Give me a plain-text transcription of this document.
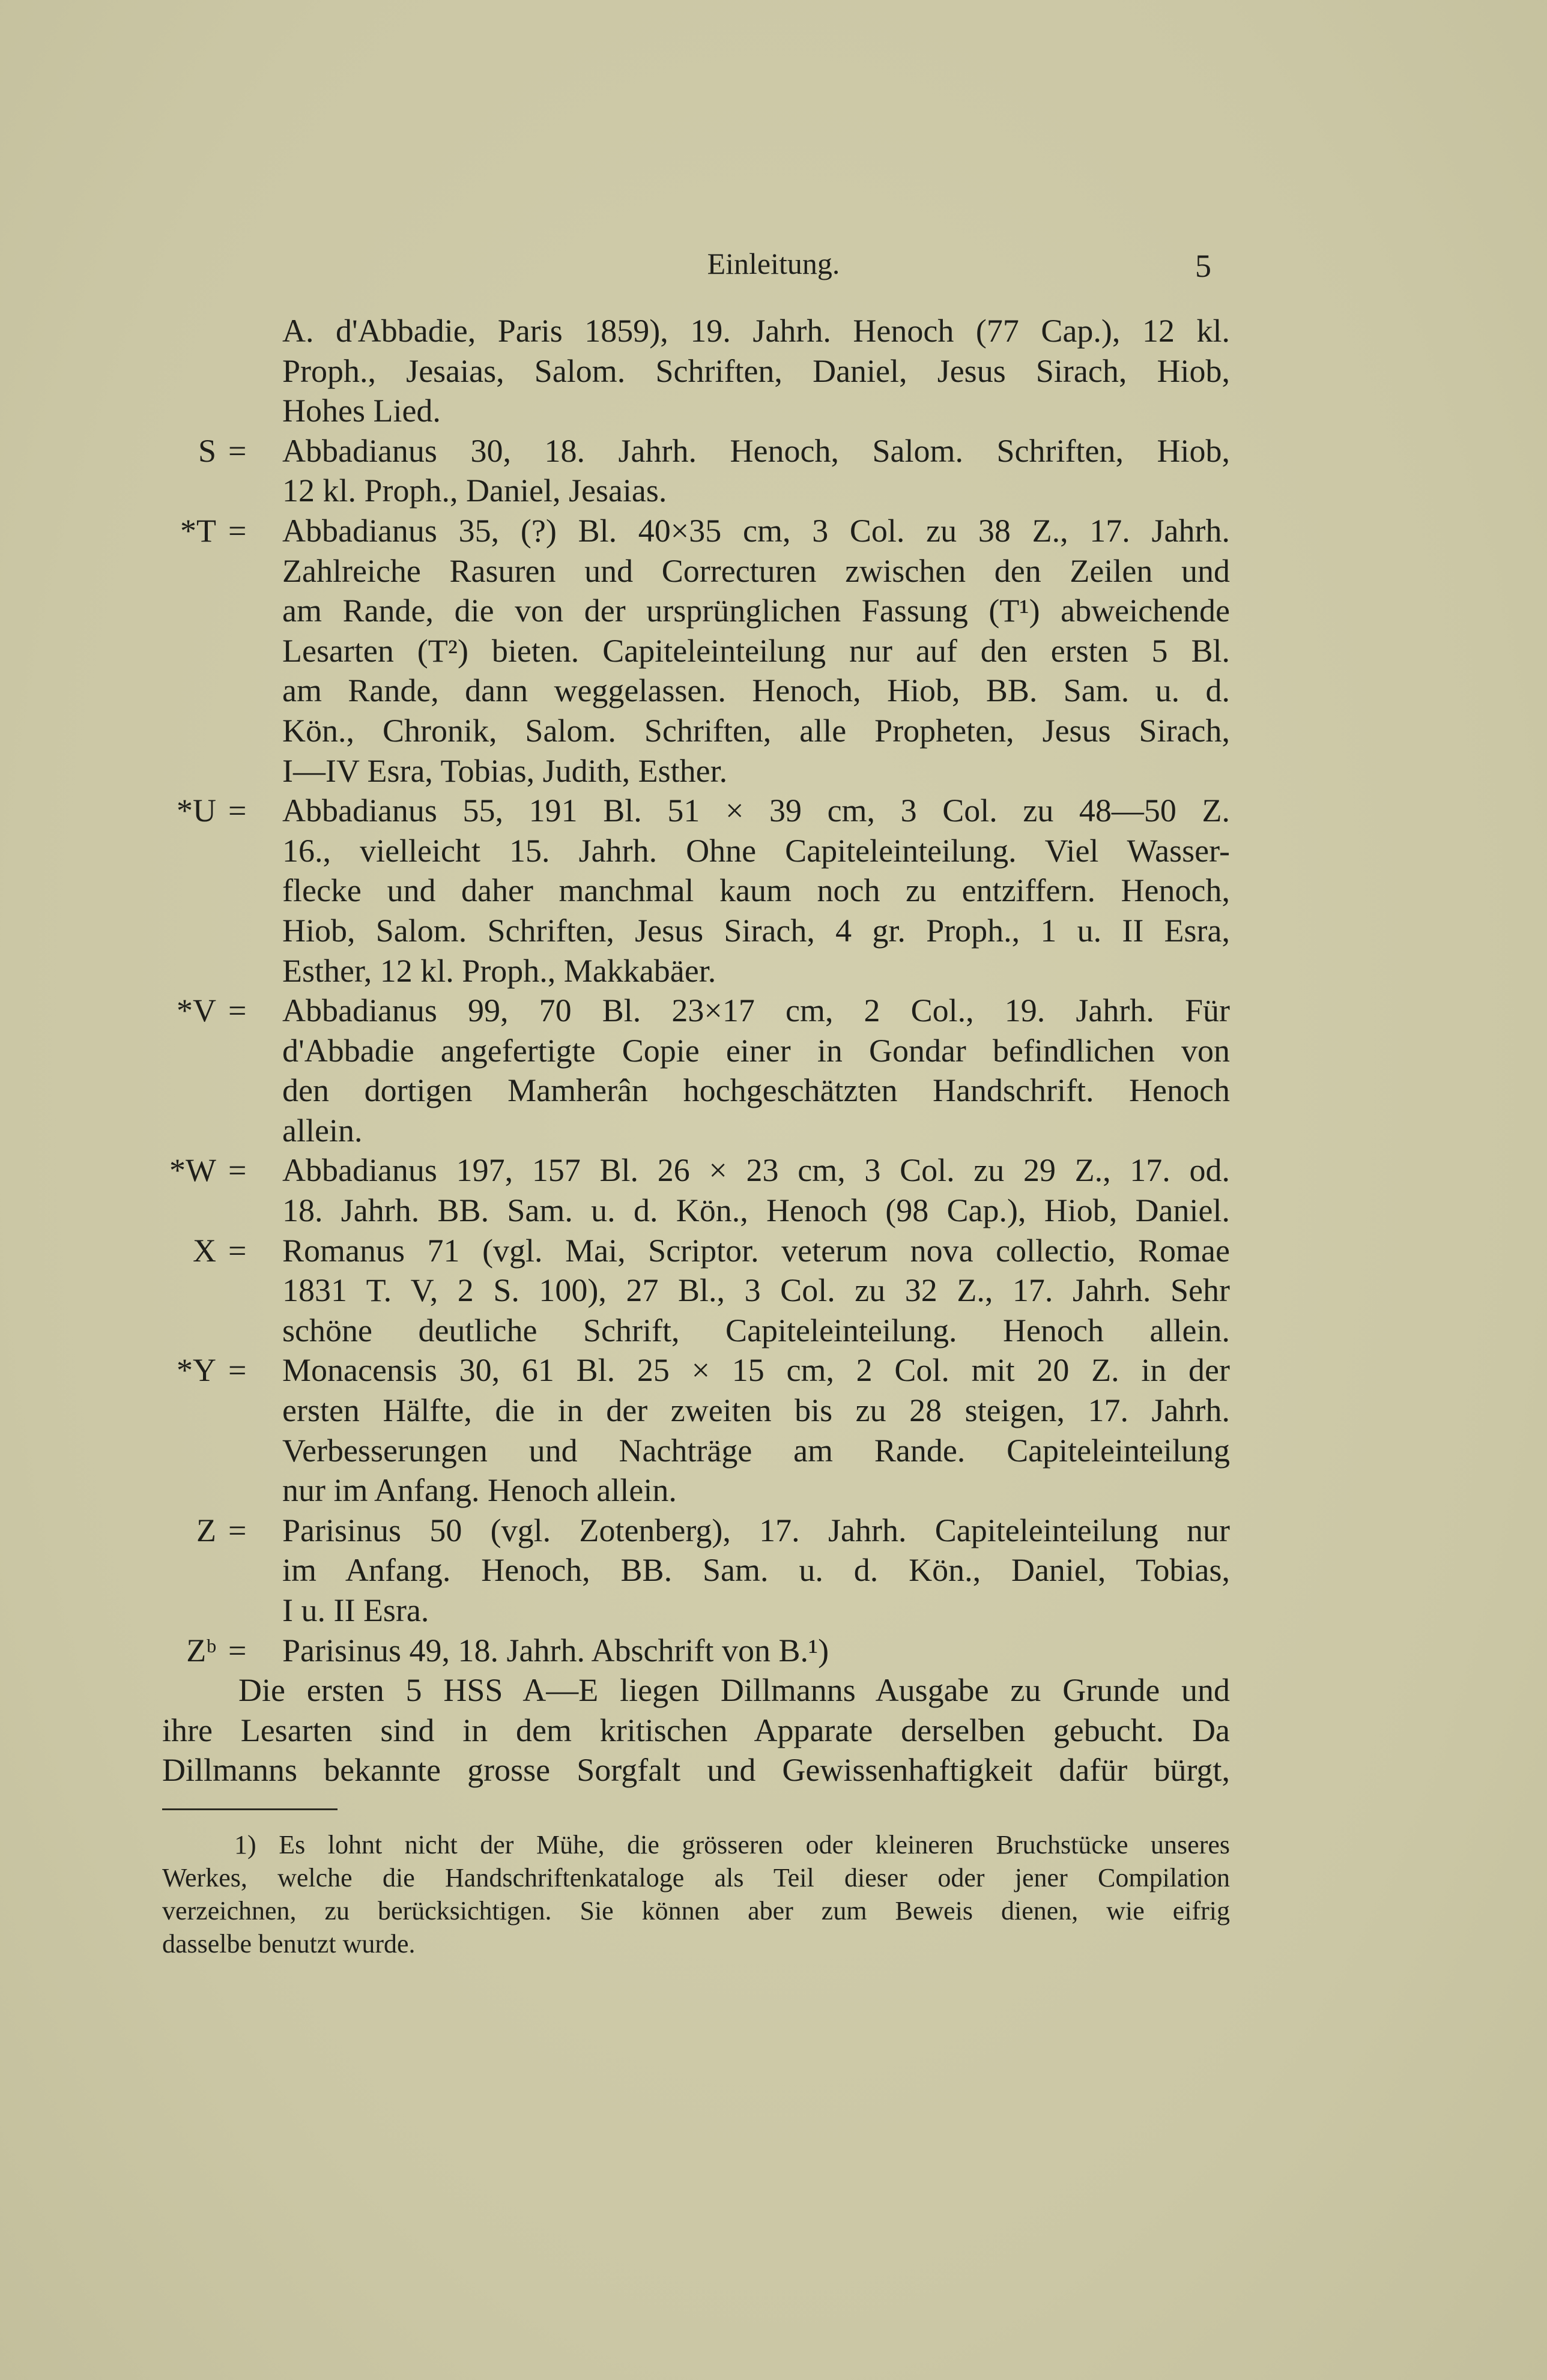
Einleitung.	5
A. d'Abbadie, Paris 1859), 19. Jahrh. Henoch (77 Cap.), 12 kl.
Proph., Jesaias, Salom. Schriften, Daniel, Jesus Sirach, Hiob,
Hohes Lied.
S = Abbadianus 30, 18. Jahrh. Henoch, Salom. Schriften, Hiob,
12 kl. Proph., Daniel, Jesaias.
*T = Abbadianus 35, (?) Bl. 40×35 cm, 3 Col. zu 38 Z., 17. Jahrh.
Zahlreiche Rasuren und Correcturen zwischen den Zeilen und
am Rande, die von der ursprünglichen Fassung (T¹) abweichende
Lesarten (T²) bieten. Capiteleinteilung nur auf den ersten 5 Bl.
am Rande, dann weggelassen. Henoch, Hiob, BB. Sam. u. d.
Kön., Chronik, Salom. Schriften, alle Propheten, Jesus Sirach,
I—IV Esra, Tobias, Judith, Esther.
*U = Abbadianus 55, 191 Bl. 51 × 39 cm, 3 Col. zu 48—50 Z.
16., vielleicht 15. Jahrh. Ohne Capiteleinteilung. Viel Wasser-
flecke und daher manchmal kaum noch zu entziffern. Henoch,
Hiob, Salom. Schriften, Jesus Sirach, 4 gr. Proph., 1 u. II Esra,
Esther, 12 kl. Proph., Makkabäer.
*V = Abbadianus 99, 70 Bl. 23×17 cm, 2 Col., 19. Jahrh. Für
d'Abbadie angefertigte Copie einer in Gondar befindlichen von
den dortigen Mamherân hochgeschätzten Handschrift. Henoch
allein.
*W = Abbadianus 197, 157 Bl. 26 × 23 cm, 3 Col. zu 29 Z., 17. od.
18. Jahrh. BB. Sam. u. d. Kön., Henoch (98 Cap.), Hiob, Daniel.
X = Romanus 71 (vgl. Mai, Scriptor. veterum nova collectio, Romae
1831 T. V, 2 S. 100), 27 Bl., 3 Col. zu 32 Z., 17. Jahrh. Sehr
schöne deutliche Schrift, Capiteleinteilung. Henoch allein.
*Y = Monacensis 30, 61 Bl. 25 × 15 cm, 2 Col. mit 20 Z. in der
ersten Hälfte, die in der zweiten bis zu 28 steigen, 17. Jahrh.
Verbesserungen und Nachträge am Rande. Capiteleinteilung
nur im Anfang. Henoch allein.
Z = Parisinus 50 (vgl. Zotenberg), 17. Jahrh. Capiteleinteilung nur
im Anfang. Henoch, BB. Sam. u. d. Kön., Daniel, Tobias,
I u. II Esra.
Zᵇ = Parisinus 49, 18. Jahrh. Abschrift von B.¹)
Die ersten 5 HSS A—E liegen Dillmanns Ausgabe zu Grunde und
ihre Lesarten sind in dem kritischen Apparate derselben gebucht. Da
Dillmanns bekannte grosse Sorgfalt und Gewissenhaftigkeit dafür bürgt,
1) Es lohnt nicht der Mühe, die grösseren oder kleineren Bruchstücke unseres
Werkes, welche die Handschriftenkataloge als Teil dieser oder jener Compilation
verzeichnen, zu berücksichtigen. Sie können aber zum Beweis dienen, wie eifrig
dasselbe benutzt wurde.
